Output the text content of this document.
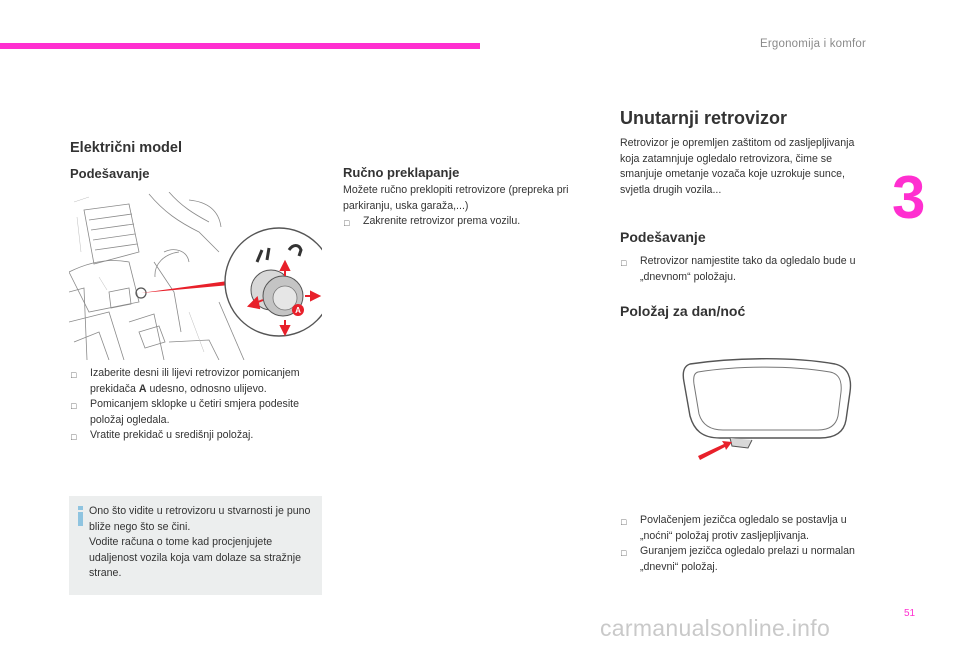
Ergonomija i komfor
3
Električni model
Podešavanje
A
□ Izaberite desni ili lijevi retrovizor pomicanjem prekidača A udesno, odnosno ulijevo.
□ Pomicanjem sklopke u četiri smjera podesite položaj ogledala.
□ Vratite prekidač u središnji položaj.
Ono što vidite u retrovizoru u stvarnosti je puno bliže nego što se čini.
Vodite računa o tome kad procjenjujete udaljenost vozila koja vam dolaze sa stražnje strane.
Ručno preklapanje
Možete ručno preklopiti retrovizore (prepreka pri parkiranju, uska garaža,...)
□ Zakrenite retrovizor prema vozilu.
Unutarnji retrovizor
Retrovizor je opremljen zaštitom od zasljepljivanja koja zatamnjuje ogledalo retrovizora, čime se smanjuje ometanje vozača koje uzrokuje sunce, svjetla drugih vozila...
Podešavanje
□ Retrovizor namjestite tako da ogledalo bude u „dnevnom“ položaju.
Položaj za dan/noć
□ Povlačenjem jezičca ogledalo se postavlja u „noćni“ položaj protiv zasljepljivanja.
□ Guranjem jezičca ogledalo prelazi u normalan „dnevni“ položaj.
51
carmanualsonline.info
